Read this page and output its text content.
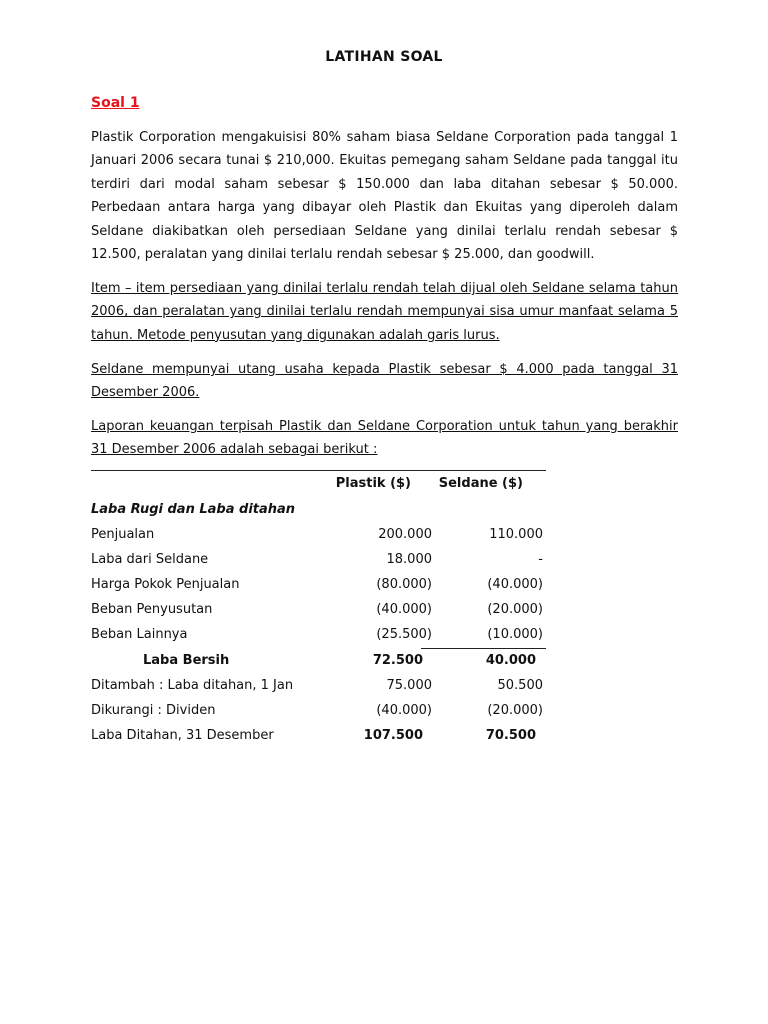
LATIHAN SOAL
Soal 1

Plastik Corporation mengakuisisi 80% saham biasa Seldane Corporation pada tanggal 1 Januari 2006 secara tunai $ 210,000. Ekuitas pemegang saham Seldane pada tanggal itu terdiri dari modal saham sebesar $ 150.000 dan laba ditahan sebesar $ 50.000. Perbedaan antara harga yang dibayar oleh Plastik dan Ekuitas yang diperoleh dalam Seldane diakibatkan oleh persediaan Seldane yang dinilai terlalu rendah sebesar $ 12.500, peralatan yang dinilai terlalu rendah sebesar $ 25.000, dan goodwill.

Item – item persediaan yang dinilai terlalu rendah telah dijual oleh Seldane selama tahun 2006, dan peralatan yang dinilai terlalu rendah mempunyai sisa umur manfaat selama 5 tahun. Metode penyusutan yang digunakan adalah garis lurus.

Seldane mempunyai utang usaha kepada Plastik sebesar $ 4.000 pada tanggal 31 Desember 2006.

Laporan keuangan terpisah Plastik dan Seldane Corporation untuk tahun yang berakhir 31 Desember 2006 adalah sebagai berikut :

Plastik ($) Seldane ($)
Laba Rugi dan Laba ditahan
Penjualan	200.000	110.000
Laba dari Seldane	18.000	-
Harga Pokok Penjualan	(80.000)	(40.000)
Beban Penyusutan	(40.000)	(20.000)
Beban Lainnya	(25.500)	(10.000)
Laba Bersih	72.500	40.000
Ditambah : Laba ditahan, 1 Jan	75.000	50.500
Dikurangi : Dividen	(40.000)	(20.000)
Laba Ditahan, 31 Desember	107.500	70.500
